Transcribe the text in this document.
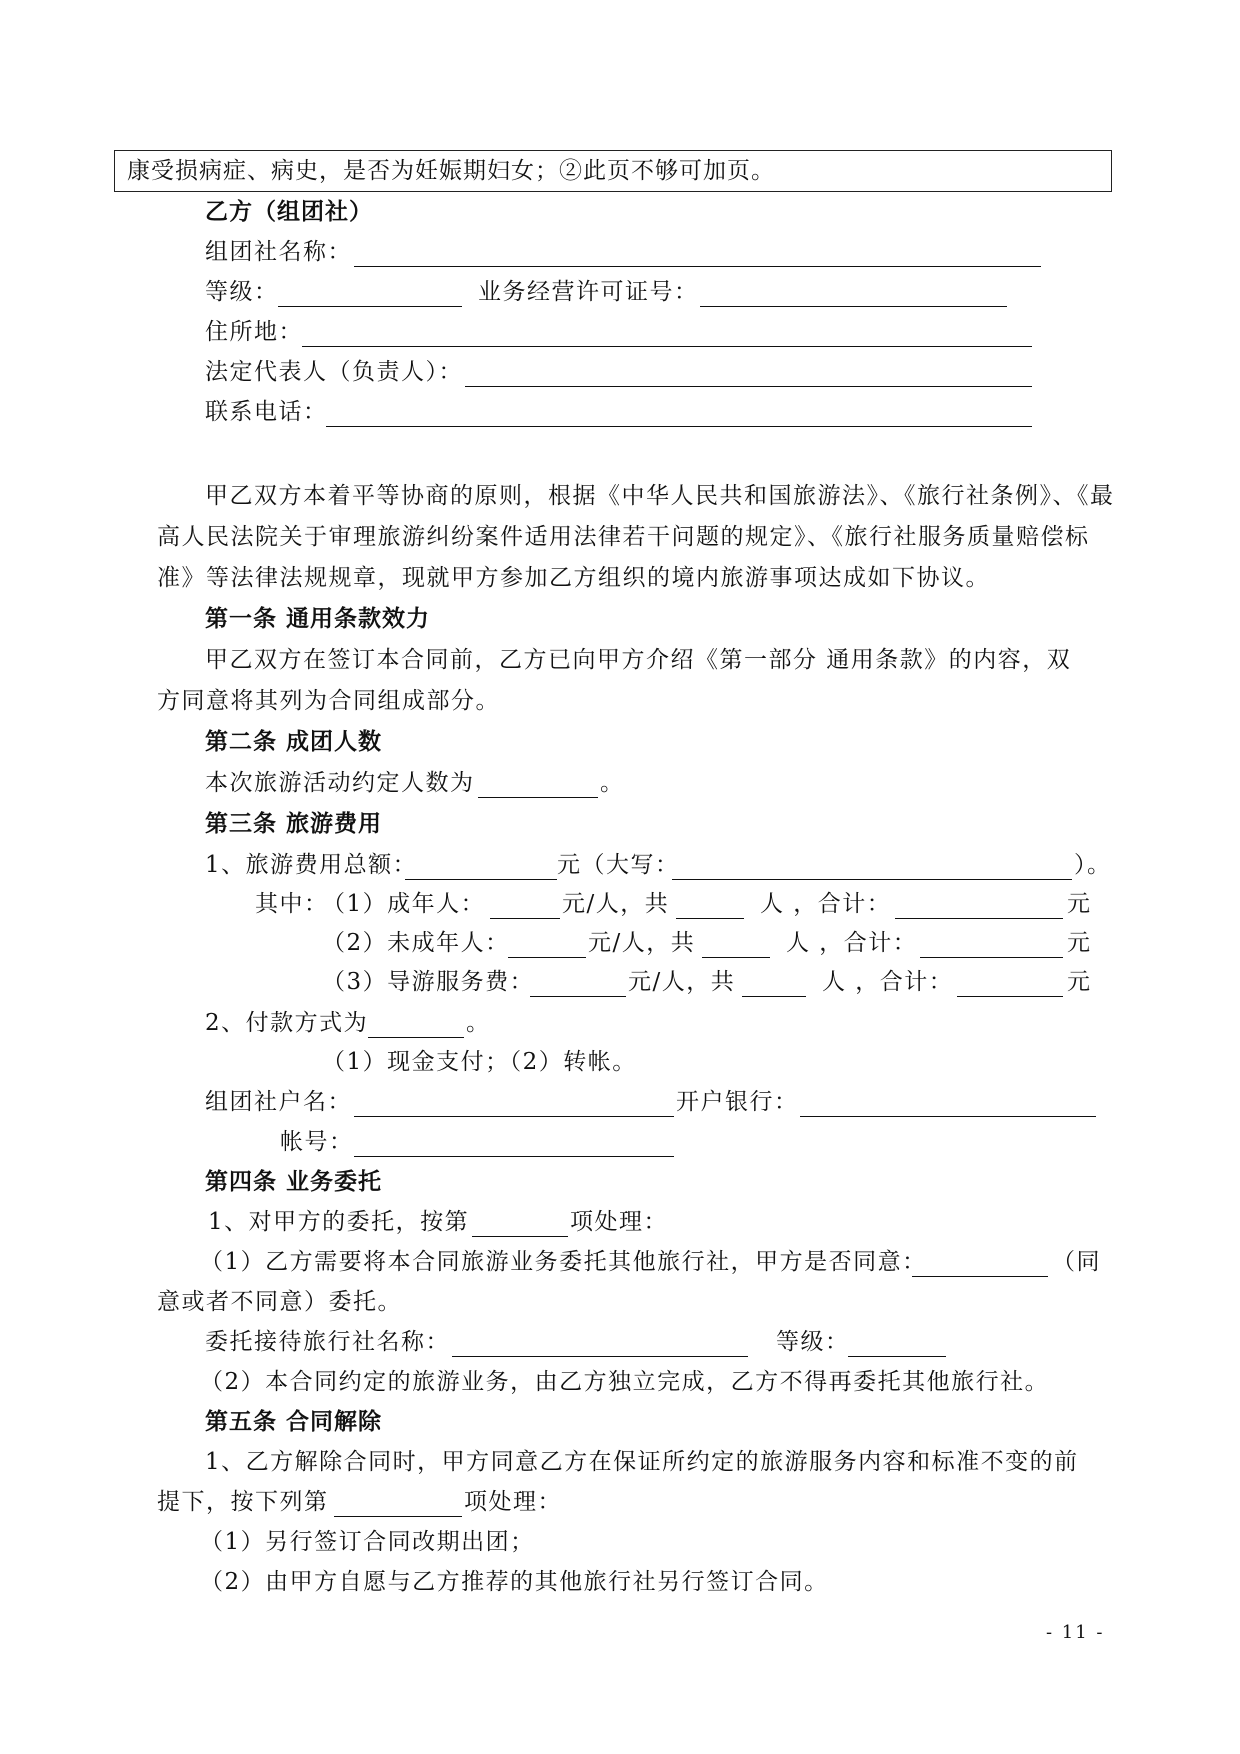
康受损病症、病史，是否为妊娠期妇女；②此页不够可加页。
乙方（组团社）
组团社名称：
等级：	业务经营许可证号：
住所地：
法定代表人（负责人）：
联系电话：
甲乙双方本着平等协商的原则，根据《中华人民共和国旅游法》、《旅行社条例》、《最
高人民法院关于审理旅游纠纷案件适用法律若干问题的规定》、《旅行社服务质量赔偿标
准》等法律法规规章，现就甲方参加乙方组织的境内旅游事项达成如下协议。
第一条 通用条款效力
甲乙双方在签订本合同前，乙方已向甲方介绍《第一部分 通用条款》的内容，双
方同意将其列为合同组成部分。
第二条 成团人数
本次旅游活动约定人数为	。
第三条 旅游费用
1、旅游费用总额：	元（大写：	）。
其中：
（1）成年人：	元/人，共	人 ，合计：	元
（2）未成年人：	元/人，共	人 ，合计：	元
（3）导游服务费：	元/人，共	人 ，合计：	元
2、付款方式为	。
（1）现金支付；（2）转帐。
组团社户名：	开户银行：
帐号：
第四条 业务委托
1、对甲方的委托，按第	项处理：
（1）乙方需要将本合同旅游业务委托其他旅行社，甲方是否同意：	（同
意或者不同意）委托。
委托接待旅行社名称：	等级：
（2）本合同约定的旅游业务，由乙方独立完成，乙方不得再委托其他旅行社。
第五条 合同解除
1、乙方解除合同时，甲方同意乙方在保证所约定的旅游服务内容和标准不变的前
提下，按下列第	项处理：
（1）另行签订合同改期出团；
（2）由甲方自愿与乙方推荐的其他旅行社另行签订合同。
- 11 -
